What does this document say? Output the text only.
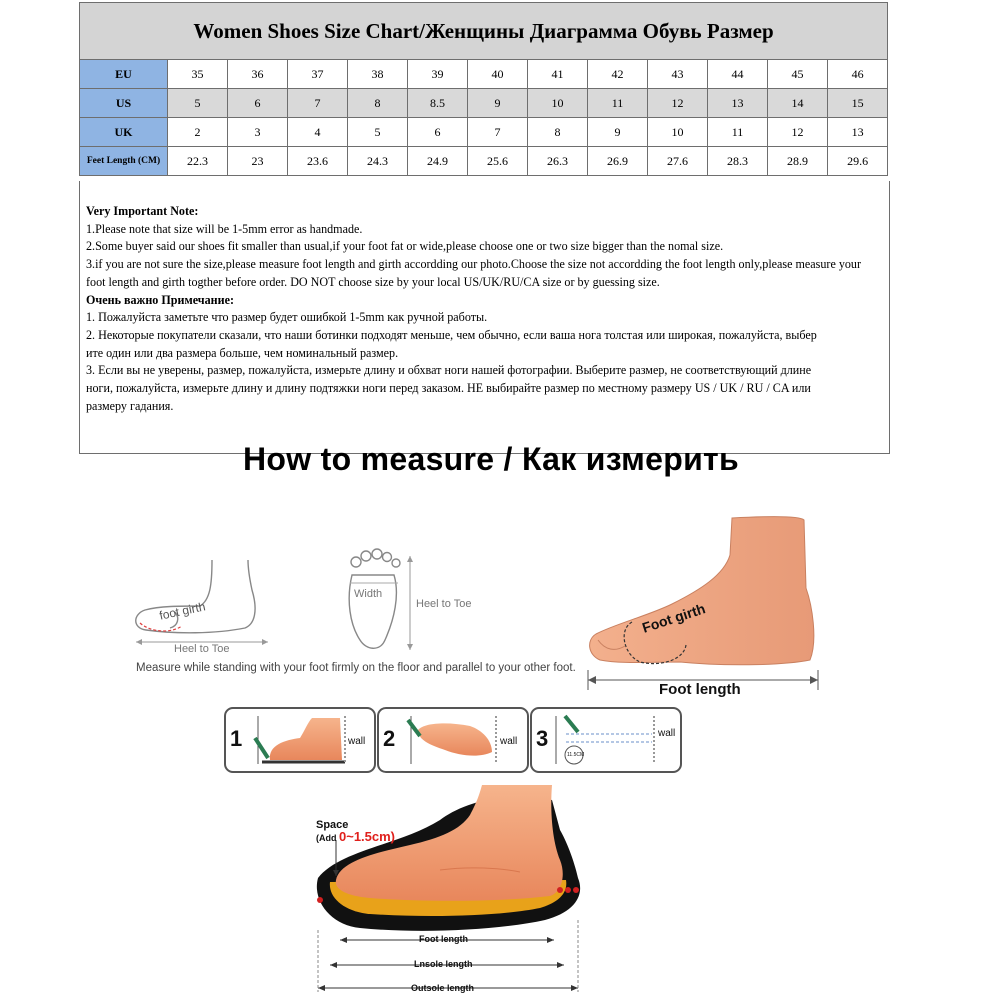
Women Shoes Size Chart/Женщины Диаграмма Обувь Размер												
EU	35	36	37	38	39	40	41	42	43	44	45	46
US	5	6	7	8	8.5	9	10	11	12	13	14	15
UK	2	3	4	5	6	7	8	9	10	11	12	13
Feet Length (CM)	22.3	23	23.6	24.3	24.9	25.6	26.3	26.9	27.6	28.3	28.9	29.6
Very Important Note:
1.Please note that size will be 1-5mm error as handmade.
2.Some buyer said our shoes fit smaller than usual,if your foot fat or wide,please choose one or two size bigger than the nomal size.
3.if you are not sure the size,please measure foot length and girth accordding our photo.Choose the size not accordding the foot length only,please measure your
foot length and girth togther before order. DO NOT choose size by your local US/UK/RU/CA size or by guessing size.
Очень важно Примечание:
1. Пожалуйста заметьте что размер будет ошибкой 1-5mm как ручной работы.
2. Некоторые покупатели сказали, что наши ботинки подходят меньше, чем обычно, если ваша нога толстая или широкая, пожалуйста, выбер
ите один или два размера больше, чем номинальный размер.
3. Если вы не уверены, размер, пожалуйста, измерьте длину и обхват ноги нашей фотографии. Выберите размер, не соответствующий длине
ноги, пожалуйста, измерьте длину и длину подтяжки ноги перед заказом. НЕ выбирайте размер по местному размеру US / UK / RU / CA или
размеру гадания.
How to measure / Как измерить
foot girth
Heel to Toe
Width
Heel to Toe
Measure while standing with your foot firmly on the floor and parallel to your other foot.
Foot girth
Foot length
1	wall 2	wall 3	wall
11.5CM
Space
(Add 0~1.5cm)
Foot length
Lnsole length
Outsole length
